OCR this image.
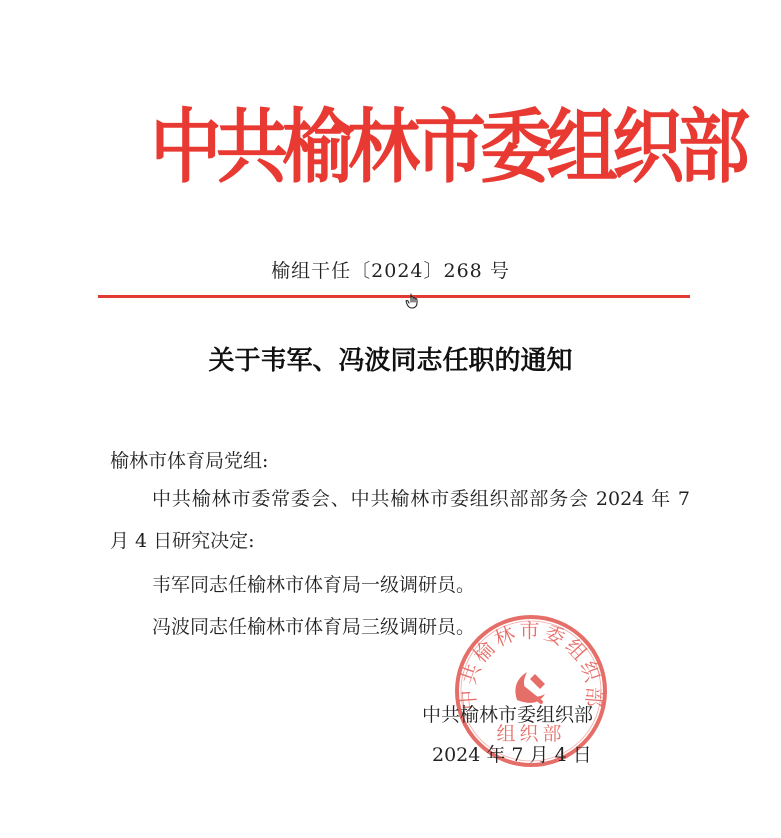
中共榆林市委组织部
榆组干任〔2024〕268 号
关于韦军、冯波同志任职的通知
榆林市体育局党组:
中共榆林市委常委会、中共榆林市委组织部部务会 2024 年 7 月 4 日研究决定:
韦军同志任榆林市体育局一级调研员。
冯波同志任榆林市体育局三级调研员。
中共榆林市委组织部
组织部
中共榆林市委组织部
2024 年 7 月 4 日
